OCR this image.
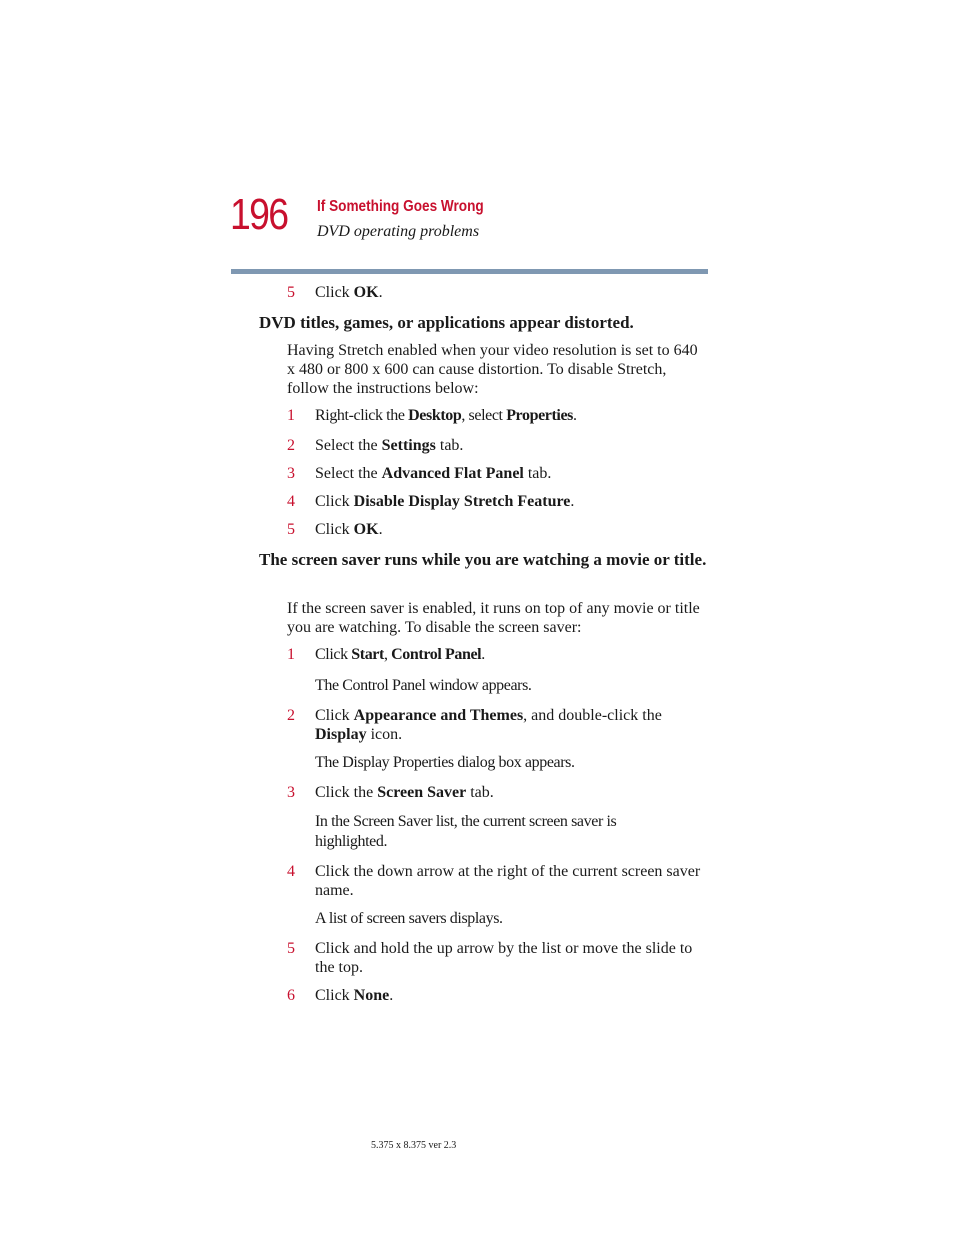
196 If Something Goes Wrong
DVD operating problems
5	Click OK.
DVD titles, games, or applications appear distorted.
Having Stretch enabled when your video resolution is set to 640 x 480 or 800 x 600 can cause distortion. To disable Stretch, follow the instructions below:
1	Right-click the Desktop, select Properties.
2	Select the Settings tab.
3	Select the Advanced Flat Panel tab.
4	Click Disable Display Stretch Feature.
5	Click OK.
The screen saver runs while you are watching a movie or title.
If the screen saver is enabled, it runs on top of any movie or title you are watching. To disable the screen saver:
1	Click Start, Control Panel.
The Control Panel window appears.
2	Click Appearance and Themes, and double-click the Display icon.
The Display Properties dialog box appears.
3	Click the Screen Saver tab.
In the Screen Saver list, the current screen saver is highlighted.
4	Click the down arrow at the right of the current screen saver name.
A list of screen savers displays.
5	Click and hold the up arrow by the list or move the slide to the top.
6	Click None.
5.375 x 8.375 ver 2.3
